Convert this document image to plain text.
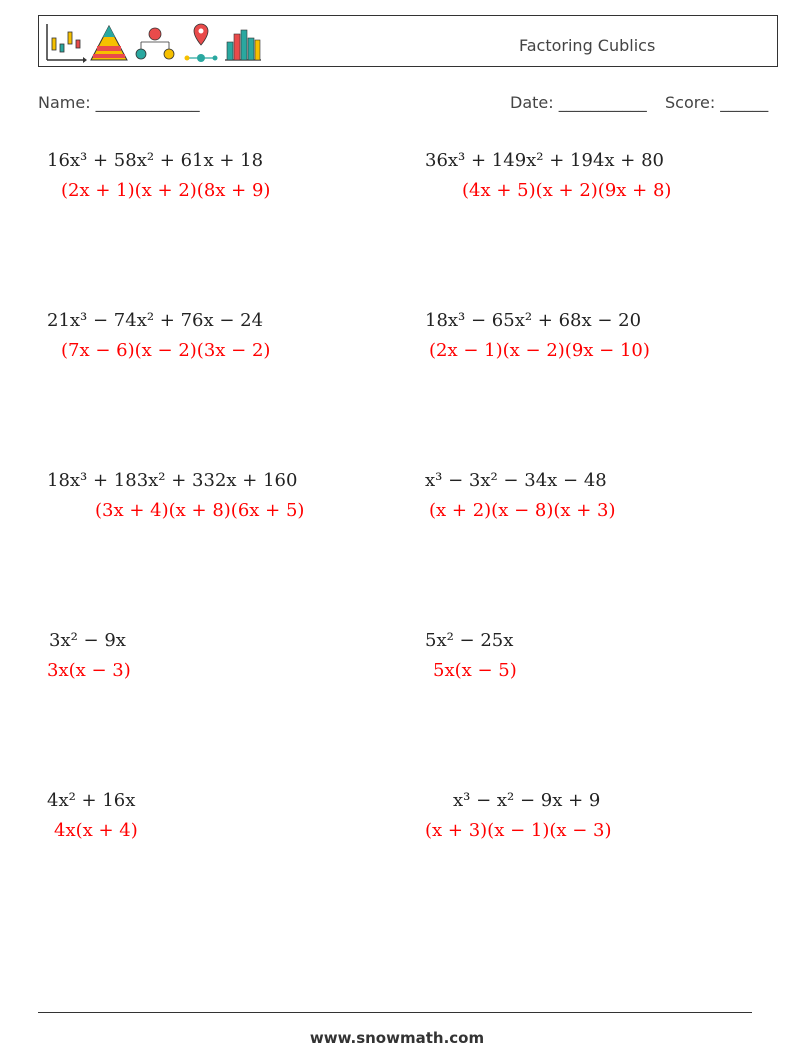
Factoring Cublics
Name: _____________	Date: ___________ Score: ______
16x³ + 58x² + 61x + 18
(2x + 1)(x + 2)(8x + 9)
21x³ − 74x² + 76x − 24
(7x − 6)(x − 2)(3x − 2)
18x³ + 183x² + 332x + 160
(3x + 4)(x + 8)(6x + 5)
3x² − 9x
3x(x − 3)
4x² + 16x
4x(x + 4)
36x³ + 149x² + 194x + 80
(4x + 5)(x + 2)(9x + 8)
18x³ − 65x² + 68x − 20
(2x − 1)(x − 2)(9x − 10)
x³ − 3x² − 34x − 48
(x + 2)(x − 8)(x + 3)
5x² − 25x
5x(x − 5)
x³ − x² − 9x + 9
(x + 3)(x − 1)(x − 3)
www.snowmath.com
